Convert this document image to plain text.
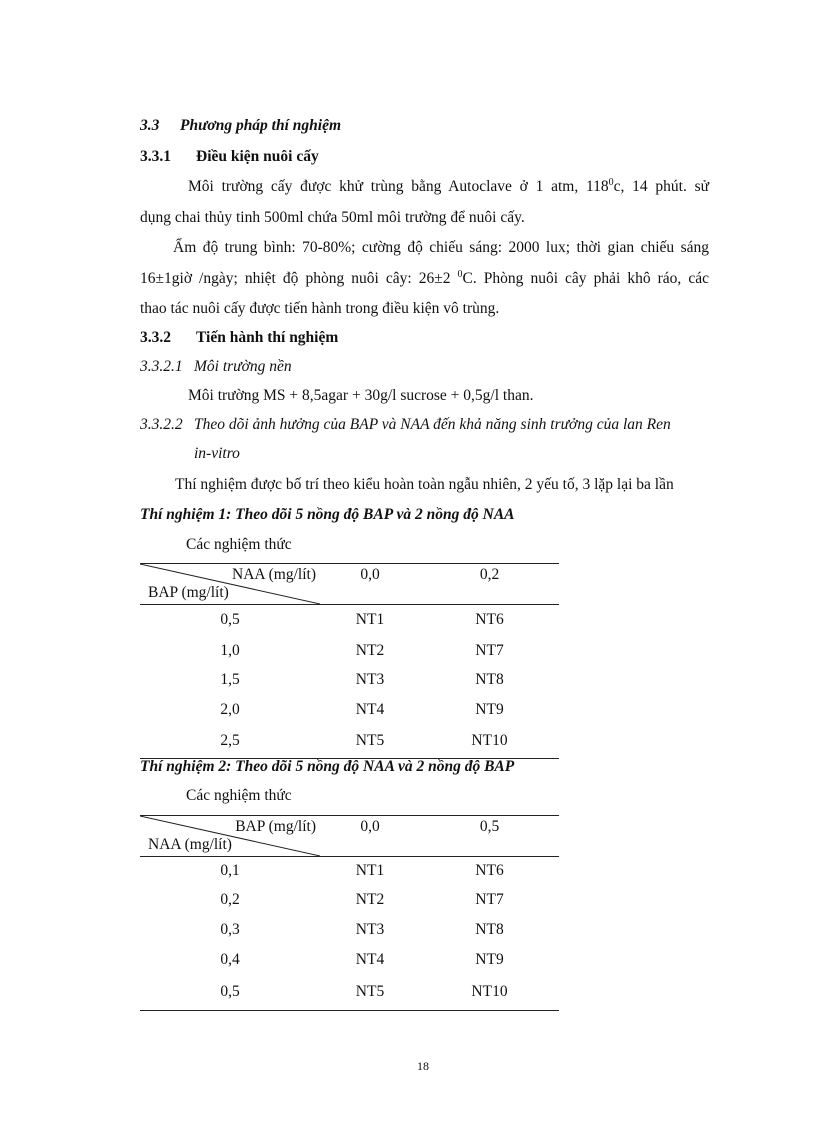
3.3 Phương pháp thí nghiệm
3.3.1 Điều kiện nuôi cấy
Môi trường cấy được khử trùng bằng Autoclave ở 1 atm, $118^0c$, 14 phút. sử
dụng chai thủy tinh 500ml chứa 50ml môi trường để nuôi cấy.
Ẩm độ trung bình: 70-80%; cường độ chiếu sáng: 2000 lux; thời gian chiếu sáng
16±1giờ /ngày; nhiệt độ phòng nuôi cây: 26±2 $^0$C. Phòng nuôi cây phải khô ráo, các
thao tác nuôi cấy được tiến hành trong điều kiện vô trùng.
3.3.2 Tiến hành thí nghiệm
3.3.2.1 Môi trường nền
Môi trường MS + 8,5agar + 30g/l sucrose + 0,5g/l than.
3.3.2.2 Theo dõi ảnh hưởng của BAP và NAA đến khả năng sinh trưởng của lan Ren
in-vitro
Thí nghiệm được bố trí theo kiểu hoàn toàn ngẫu nhiên, 2 yếu tố, 3 lặp lại ba lần
Thí nghiệm 1: Theo dõi 5 nồng độ BAP và 2 nồng độ NAA
Các nghiệm thức
NAA (mg/lít)
BAP (mg/lít)	0,0	0,2
0,5	NT1	NT6
1,0	NT2	NT7
1,5	NT3	NT8
2,0	NT4	NT9
2,5	NT5	NT10
Thí nghiệm 2: Theo dõi 5 nồng độ NAA và 2 nồng độ BAP
Các nghiệm thức
BAP (mg/lít)
NAA (mg/lít)	0,0	0,5
0,1	NT1	NT6
0,2	NT2	NT7
0,3	NT3	NT8
0,4	NT4	NT9
0,5	NT5	NT10
18
